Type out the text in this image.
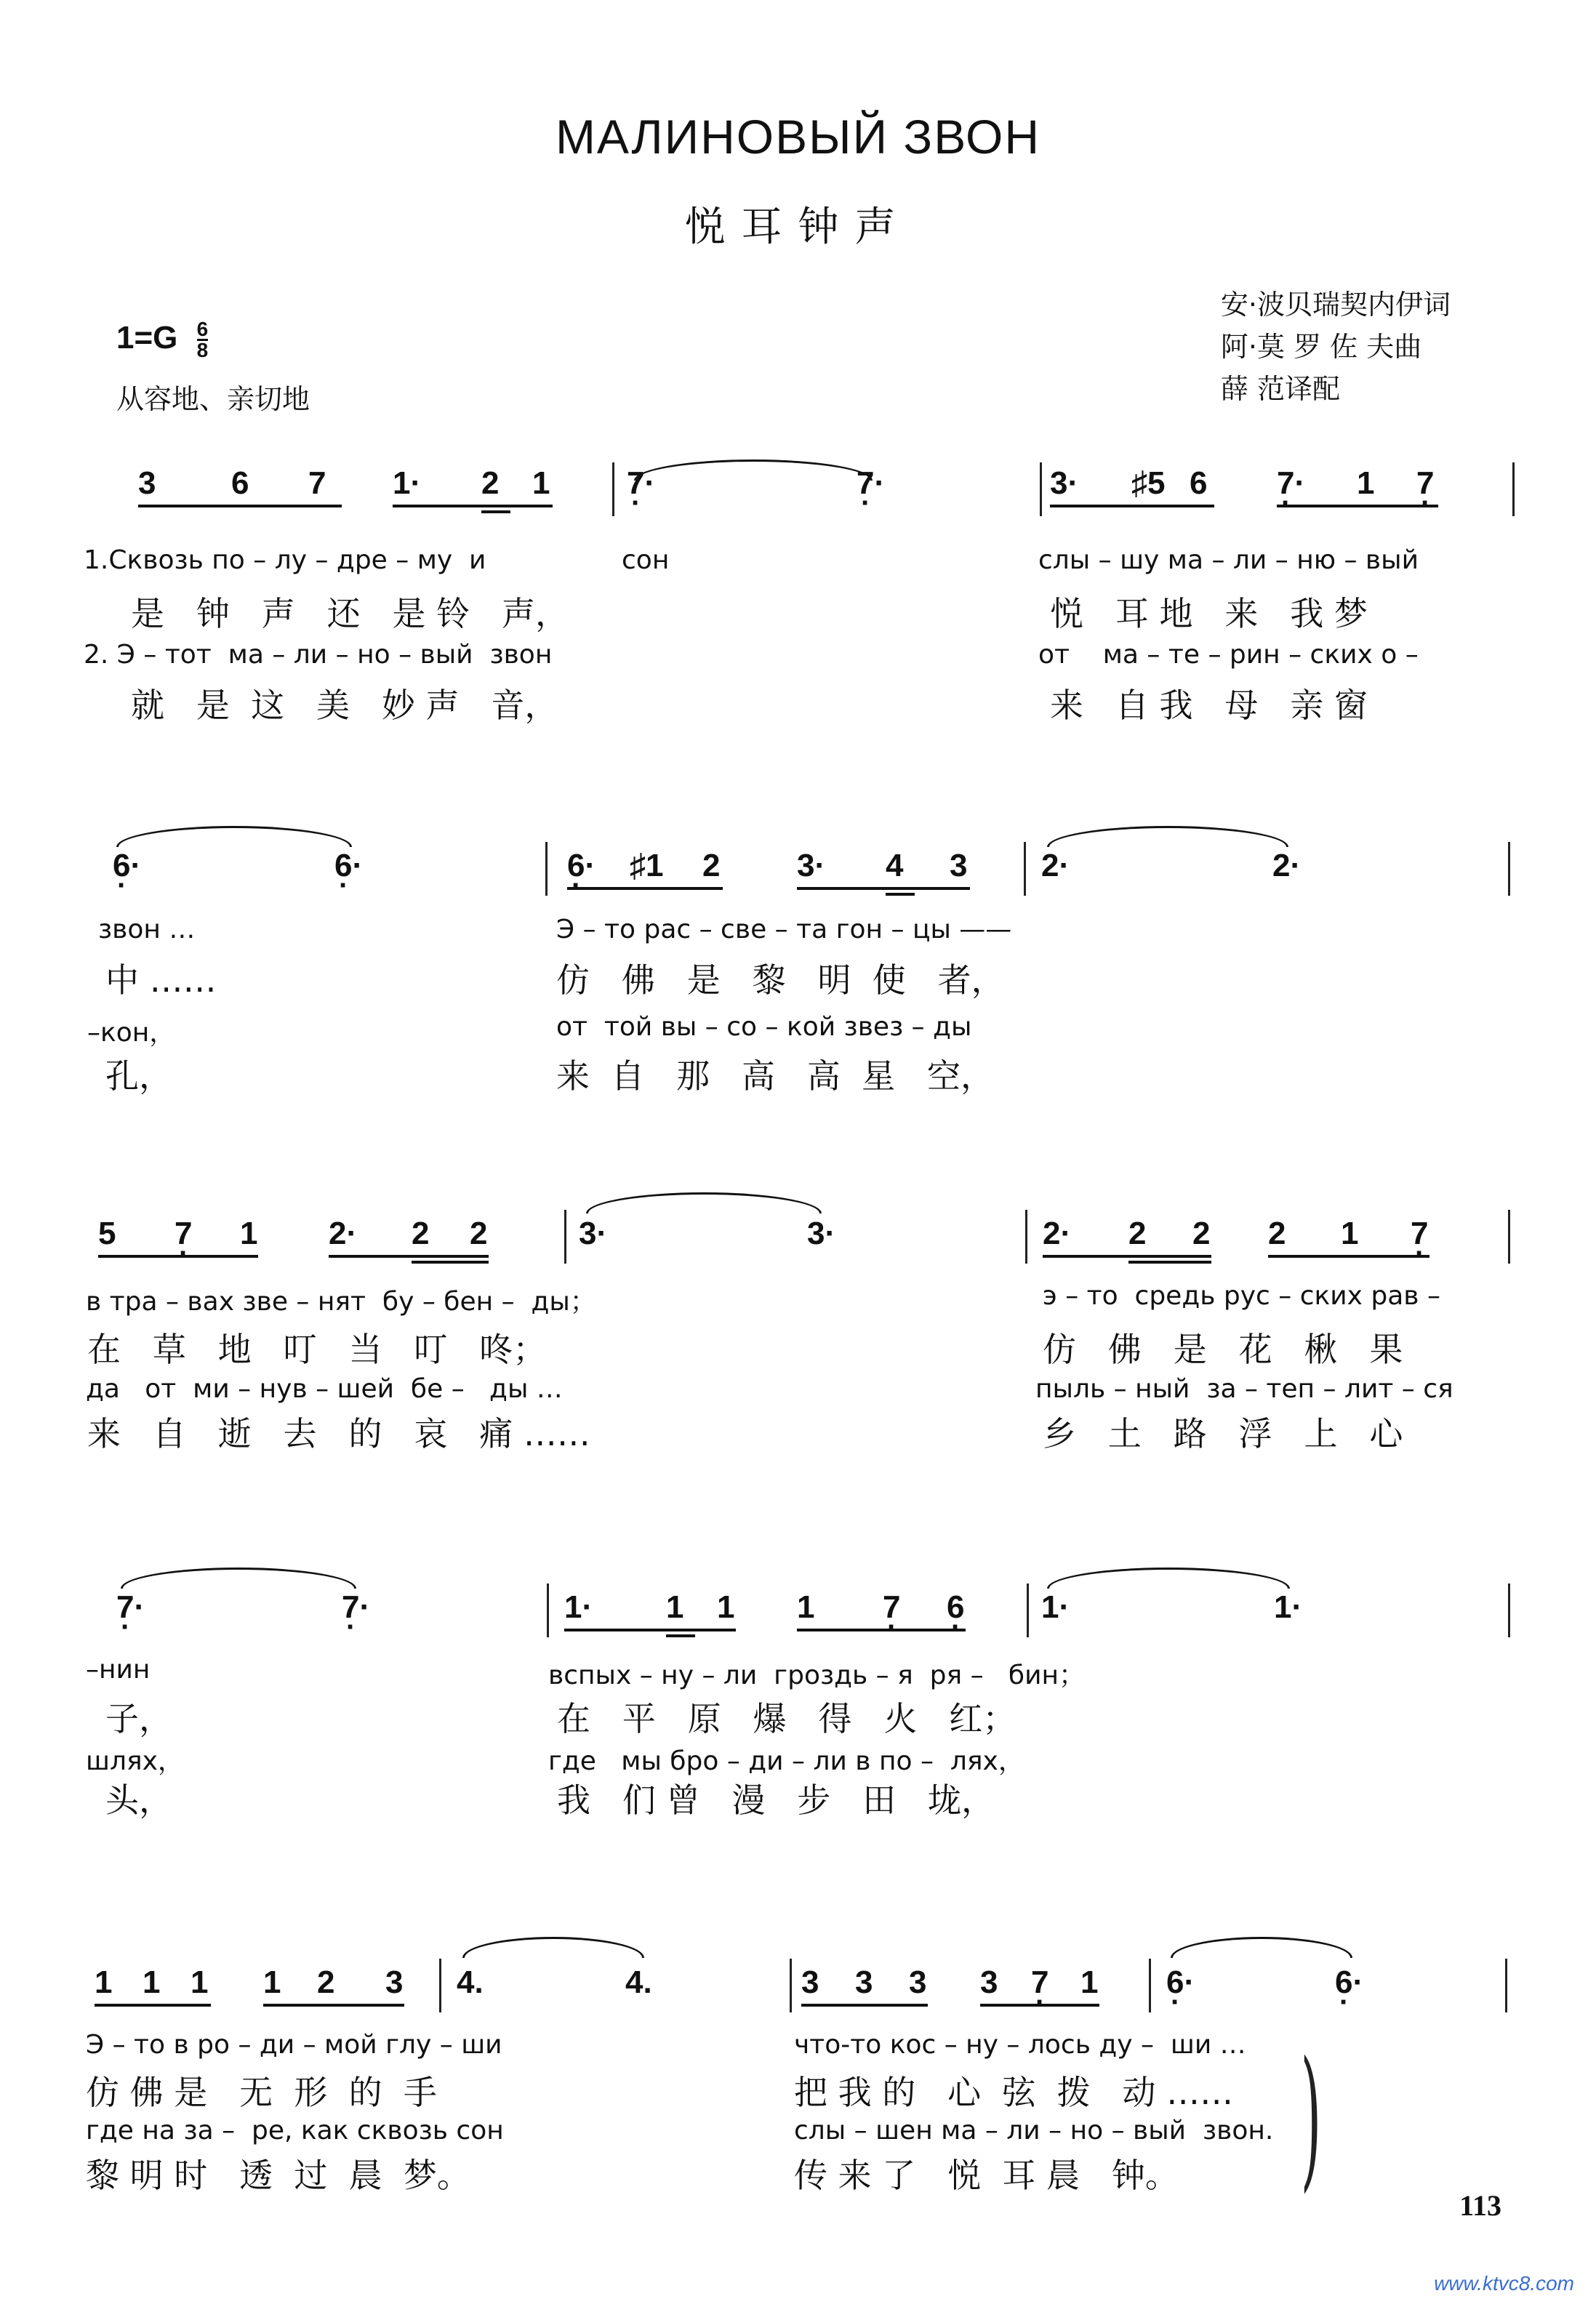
МАЛИНОВЫЙ ЗВОН
悦耳钟声
安·波贝瑞契内伊词
阿·莫 罗 佐 夫曲
薛 范译配
$1=G \frac{6}{8}$
从容地、亲切地
3 6 7 1· 2 1 7· ·	7· ·	3· ♯5 6 7· · 1 7 ·
1.Сквозь по – лу – дре – му  и	сон	слы – шу ма – ли – ню – вый
是   钟   声   还   是 铃   声，	悦   耳 地   来   我 梦
2. Э – тот  ма – ли – но – вый  звон	от    ма – те – рин – ских о –
就   是  这   美   妙 声   音，	来   自 我   母   亲 窗
6· ·	6· ·	6· · ♯1 2 3· 4 3 2·	2·
звон …	Э – то рас – све – та гон – цы ——
中 ……	仿   佛   是   黎   明  使   者，
–кон，	от  той вы – со – кой звез – ды
孔，	来  自   那   高   高  星   空，
5 7 · 1 2· 2 2	3·	3·	2· 2 2 2 1 7 ·
в тра – вах зве – нят  бу – бен –  ды；	э – то  средь рус – ских рав –
在   草   地   叮   当   叮   咚；	仿   佛   是   花   楸   果
да   от  ми – нув – шей  бе –   ды …	пыль – ный  за – теп – лит – ся
来   自   逝   去   的   哀   痛 ……	乡   土   路   浮   上   心
7· ·	7· ·	1· 1 1 1 7 · 6 · 1·	1·
–нин	вспых – ну – ли  гроздь – я  ря –   бин；
子，	在   平   原   爆   得   火   红；
шлях，	где   мы бро – ди – ли в по –  лях，
头，	我   们 曾   漫   步   田   垅，
1 1 1 1 2 3 4.	4.	3 3 3 3 7 · 1 6· ·	6· ·
Э – то в ро – ди – мой глу – ши	что-то кос – ну – лось ду –  ши …
仿 佛 是   无  形  的  手	把 我 的   心  弦  拨   动 ……
где на за –  ре, как сквозь сон	слы – шен ма – ли – но – вый  звон.
黎 明 时   透  过  晨  梦。	传 来 了   悦  耳 晨   钟。 )	113
www.ktvc8.com
